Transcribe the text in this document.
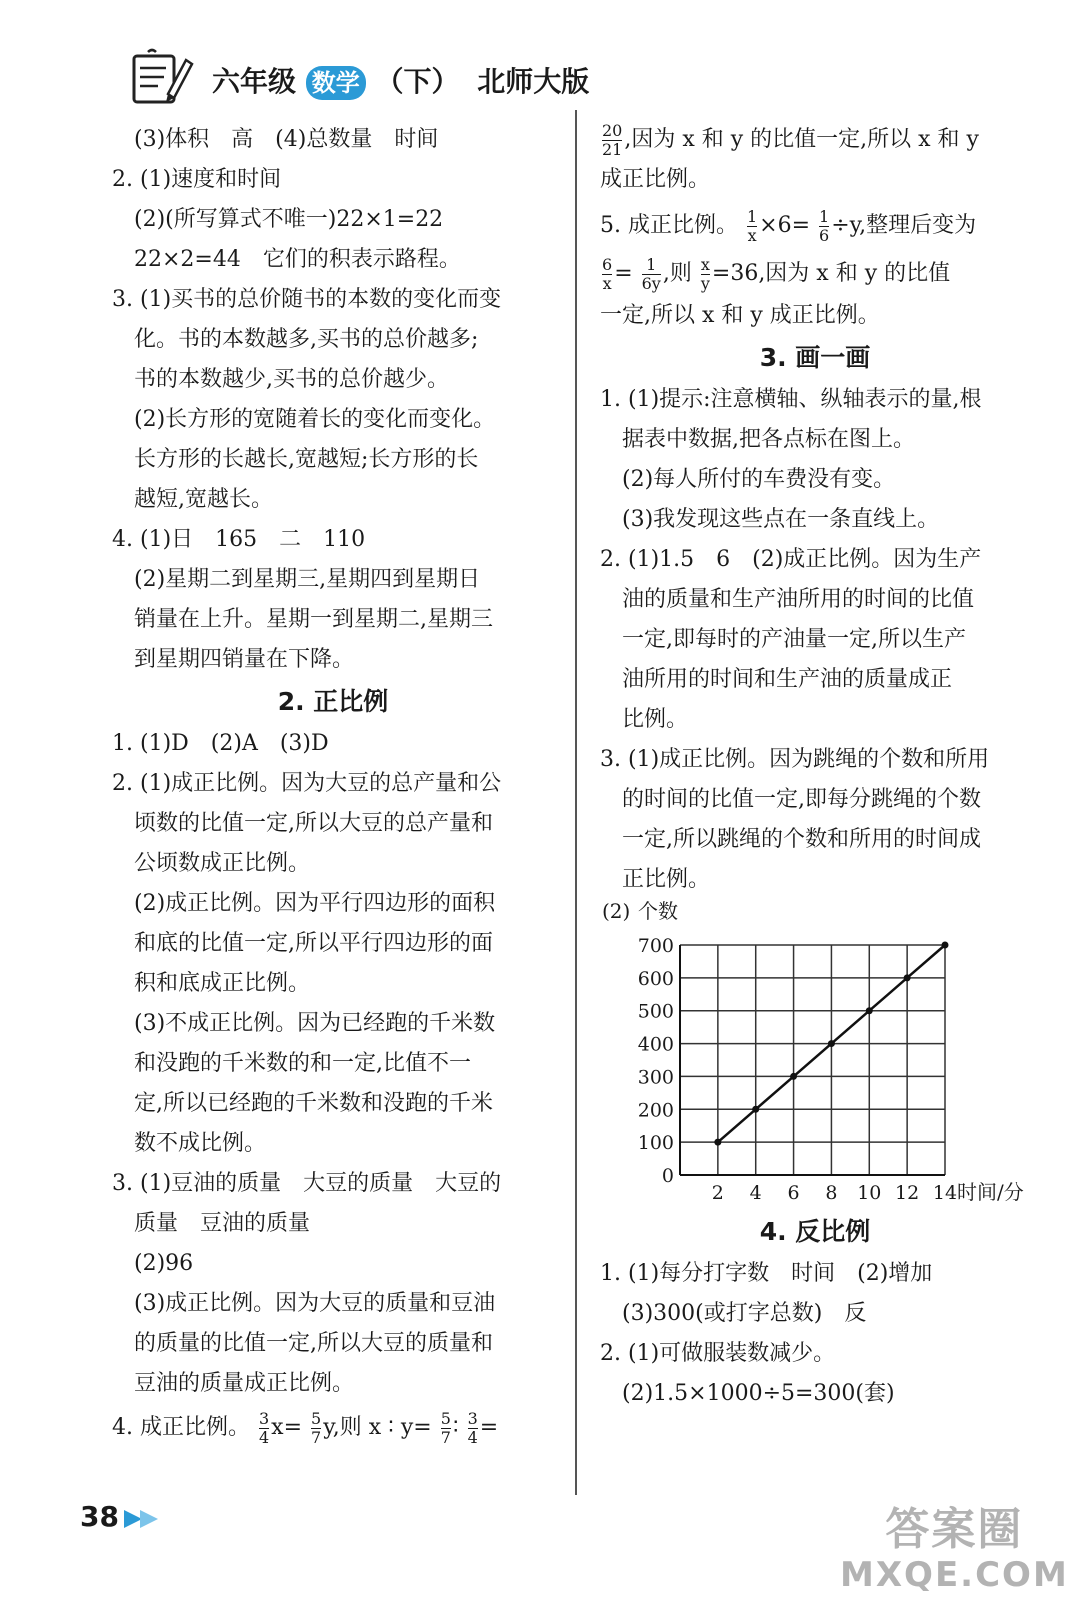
六年级 数学 （下） 北师大版
(3)体积　高　(4)总数量　时间
2. (1)速度和时间
(2)(所写算式不唯一)22×1=22
22×2=44　它们的积表示路程。
3. (1)买书的总价随书的本数的变化而变
化。书的本数越多,买书的总价越多;
书的本数越少,买书的总价越少。
(2)长方形的宽随着长的变化而变化。
长方形的长越长,宽越短;长方形的长
越短,宽越长。
4. (1)日　165　二　110
(2)星期二到星期三,星期四到星期日
销量在上升。星期一到星期二,星期三
到星期四销量在下降。
2. 正比例
1. (1)D　(2)A　(3)D
2. (1)成正比例。因为大豆的总产量和公
顷数的比值一定,所以大豆的总产量和
公顷数成正比例。
(2)成正比例。因为平行四边形的面积
和底的比值一定,所以平行四边形的面
积和底成正比例。
(3)不成正比例。因为已经跑的千米数
和没跑的千米数的和一定,比值不一
定,所以已经跑的千米数和没跑的千米
数不成比例。
3. (1)豆油的质量　大豆的质量　大豆的
质量　豆油的质量
(2)96
(3)成正比例。因为大豆的质量和豆油
的质量的比值一定,所以大豆的质量和
豆油的质量成正比例。
4. 成正比例。 $\frac{3}{4} x= \frac{5}{7} y$,则 x ∶ $y= \frac{5}{7}$ ∶ $\frac{3}{4}$ =
$\frac{20}{21}$ ,因为 x 和 y 的比值一定,所以 x 和 y
成正比例。
5. 成正比例。 $\frac{1}{x} \times 6= \frac{1}{6} \div y$,整理后变为
$\frac{6}{x} = \frac{1}{6y}$ ,则 $\frac{x}{y} =36$,因为 x 和 y 的比值
一定,所以 x 和 y 成正比例。
3. 画一画
1. (1)提示:注意横轴、纵轴表示的量,根
据表中数据,把各点标在图上。
(2)每人所付的车费没有变。
(3)我发现这些点在一条直线上。
2. (1)1.5　6　(2)成正比例。因为生产
油的质量和生产油所用的时间的比值
一定,即每时的产油量一定,所以生产
油所用的时间和生产油的质量成正
比例。
3. (1)成正比例。因为跳绳的个数和所用
的时间的比值一定,即每分跳绳的个数
一定,所以跳绳的个数和所用的时间成
正比例。
(2) 个数
0
100
200
300
400
500
600
700
2 4 6 8 10 12 14 时间/分
4. 反比例
1. (1)每分打字数　时间　(2)增加
(3)300(或打字总数)　反
2. (1)可做服装数减少。
(2)1.5×1000÷5=300(套)
38	答案圈
MXQE.COM
